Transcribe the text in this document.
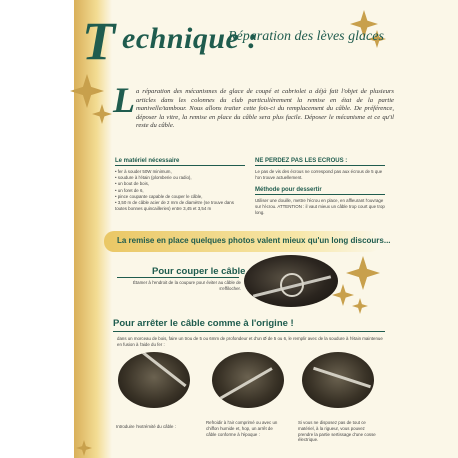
T echnique :
Réparation des lèves glaces
L a réparation des mécanismes de glace de coupé et cabriolet a déjà fait l'objet de plusieurs articles dans les colonnes du club particulièrement la remise en état de la partie manivelle/tambour. Nous allons traiter cette fois-ci du remplacement du câble. De préférence, déposer la vitre, la remise en place du câble sera plus facile. Déposer le mécanisme et ce qu'il reste du câble.
Le matériel nécessaire
• fer à souder 50W minimum,
• soudure à l'étain (plomberie ou radio),
• un bout de bois,
• un foret de 6,
• pince coupante capable de couper le câble,
• 3,50 m de câble acier de 2 mm de diamètre (se trouve dans toutes bonnes quincailleries) entre 3,45 et 3,54 m
NE PERDEZ PAS LES ECROUS :
Le pas de vis des écrous ne correspond pas aux écrous de 5 que l'on trouve actuellement.
Méthode pour dessertir
Utiliser une douille, mettre l'écrou en place, en affleurant l'ouvrage sur l'écrou. ATTENTION : il vaut mieux un câble trop court que trop long.
La remise en place quelques photos valent mieux qu'un long discours...
Pour couper le câble
Étamer à l'endroit de la coupure pour éviter au câble de s'effilocher.
Pour arrêter le câble comme à l'origine !
dans un morceau de bois, faire un trou de 5 ou 6mm de profondeur et d'un Ø de 5 ou 6, le remplir avec de la soudure à l'étain maintenue en fusion à l'aide du fer :
Introduire l'extrémité du câble :
Refroidir à l'air comprimé ou avec un chiffon humide et, hop, un arrêt de câble conforme à l'époque :
Si vous ne disposez pas de tout ce matériel, à la rigueur, vous pouvez prendre la partie sertissage d'une cosse électrique.
